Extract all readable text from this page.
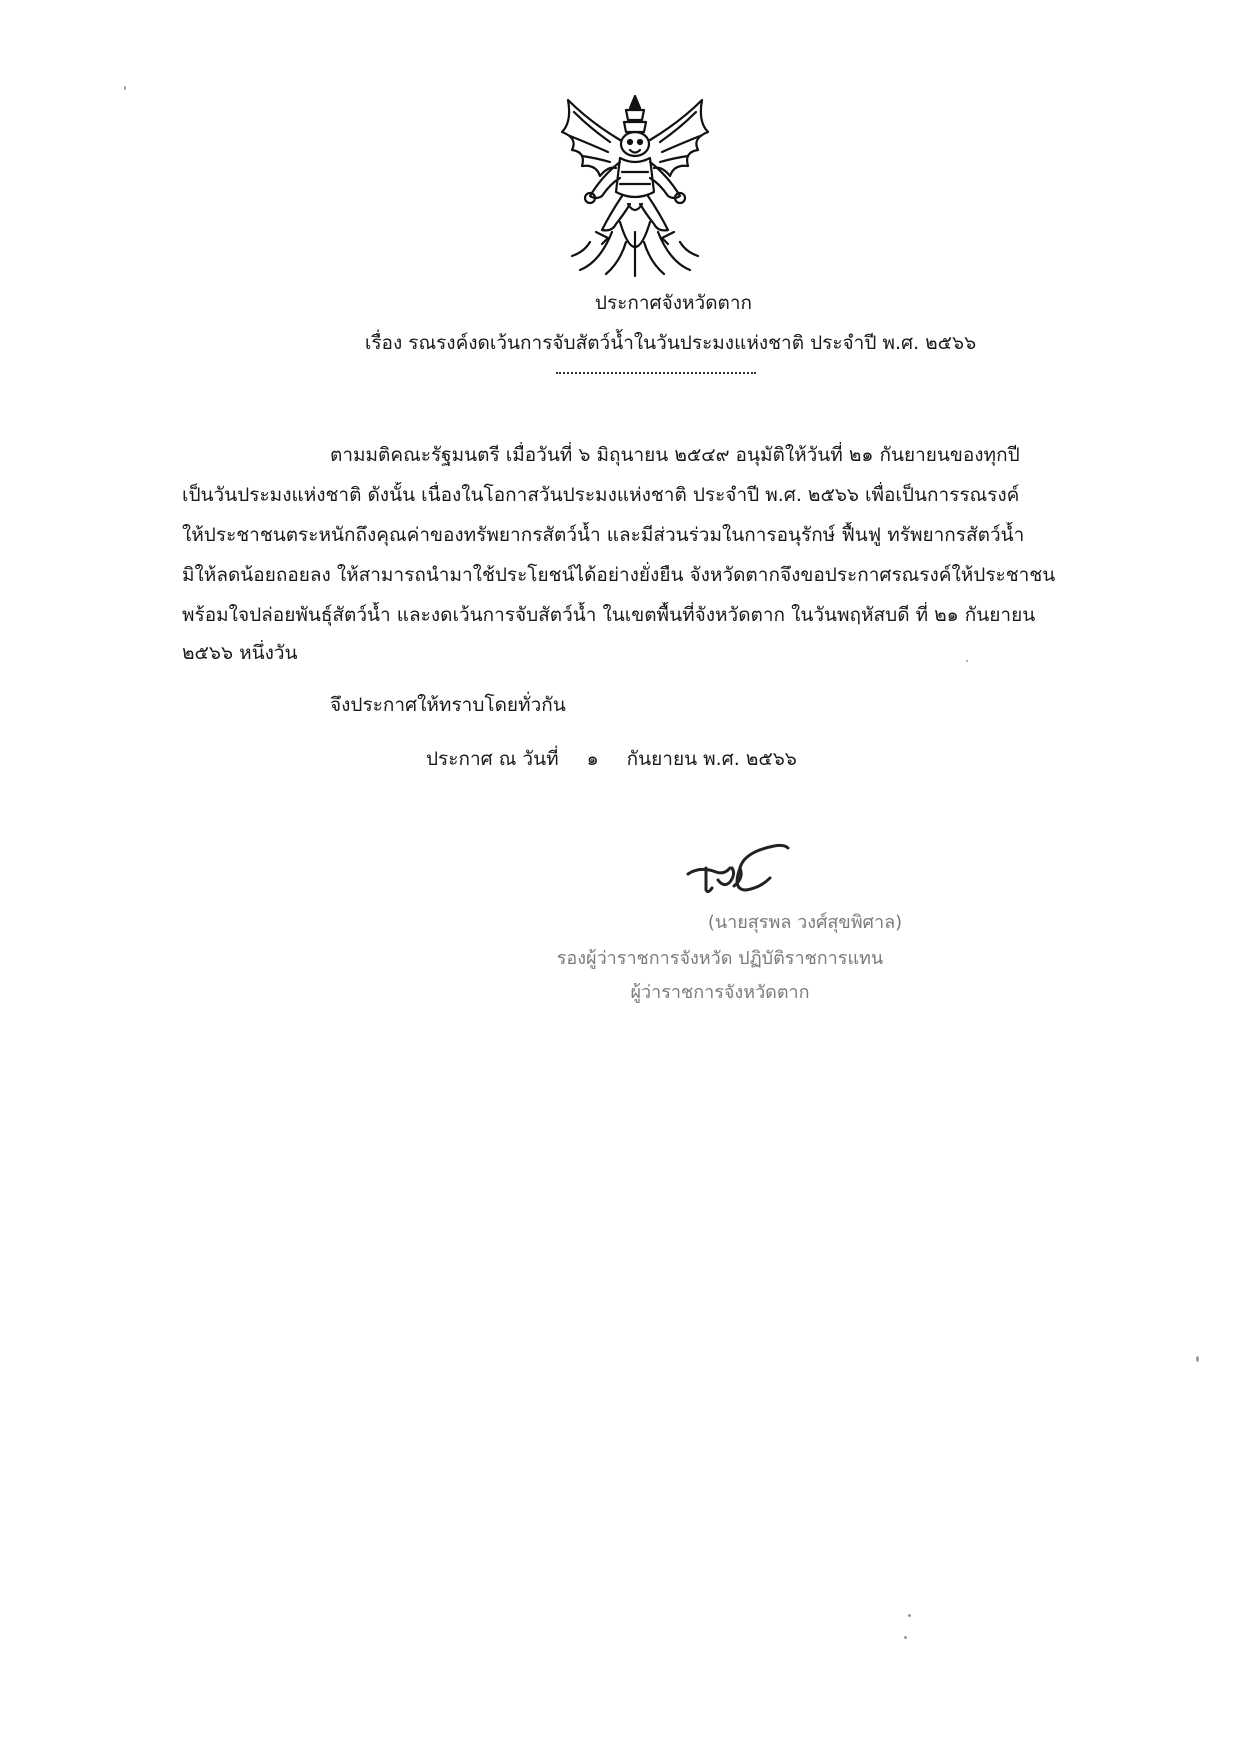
ประกาศจังหวัดตาก
เรื่อง รณรงค์งดเว้นการจับสัตว์น้ำในวันประมงแห่งชาติ ประจำปี พ.ศ. ๒๕๖๖
ตามมติคณะรัฐมนตรี เมื่อวันที่ ๖ มิถุนายน ๒๕๔๙ อนุมัติให้วันที่ ๒๑ กันยายนของทุกปี
เป็นวันประมงแห่งชาติ ดังนั้น เนื่องในโอกาสวันประมงแห่งชาติ ประจำปี พ.ศ. ๒๕๖๖ เพื่อเป็นการรณรงค์
ให้ประชาชนตระหนักถึงคุณค่าของทรัพยากรสัตว์น้ำ และมีส่วนร่วมในการอนุรักษ์ ฟื้นฟู ทรัพยากรสัตว์น้ำ
มิให้ลดน้อยถอยลง ให้สามารถนำมาใช้ประโยชน์ได้อย่างยั่งยืน จังหวัดตากจึงขอประกาศรณรงค์ให้ประชาชน
พร้อมใจปล่อยพันธุ์สัตว์น้ำ และงดเว้นการจับสัตว์น้ำ ในเขตพื้นที่จังหวัดตาก ในวันพฤหัสบดี ที่ ๒๑ กันยายน
๒๕๖๖ หนึ่งวัน
จึงประกาศให้ทราบโดยทั่วกัน
ประกาศ ณ วันที่ ๑ กันยายน พ.ศ. ๒๕๖๖
(นายสุรพล วงศ์สุขพิศาล)
รองผู้ว่าราชการจังหวัด ปฏิบัติราชการแทน
ผู้ว่าราชการจังหวัดตาก
